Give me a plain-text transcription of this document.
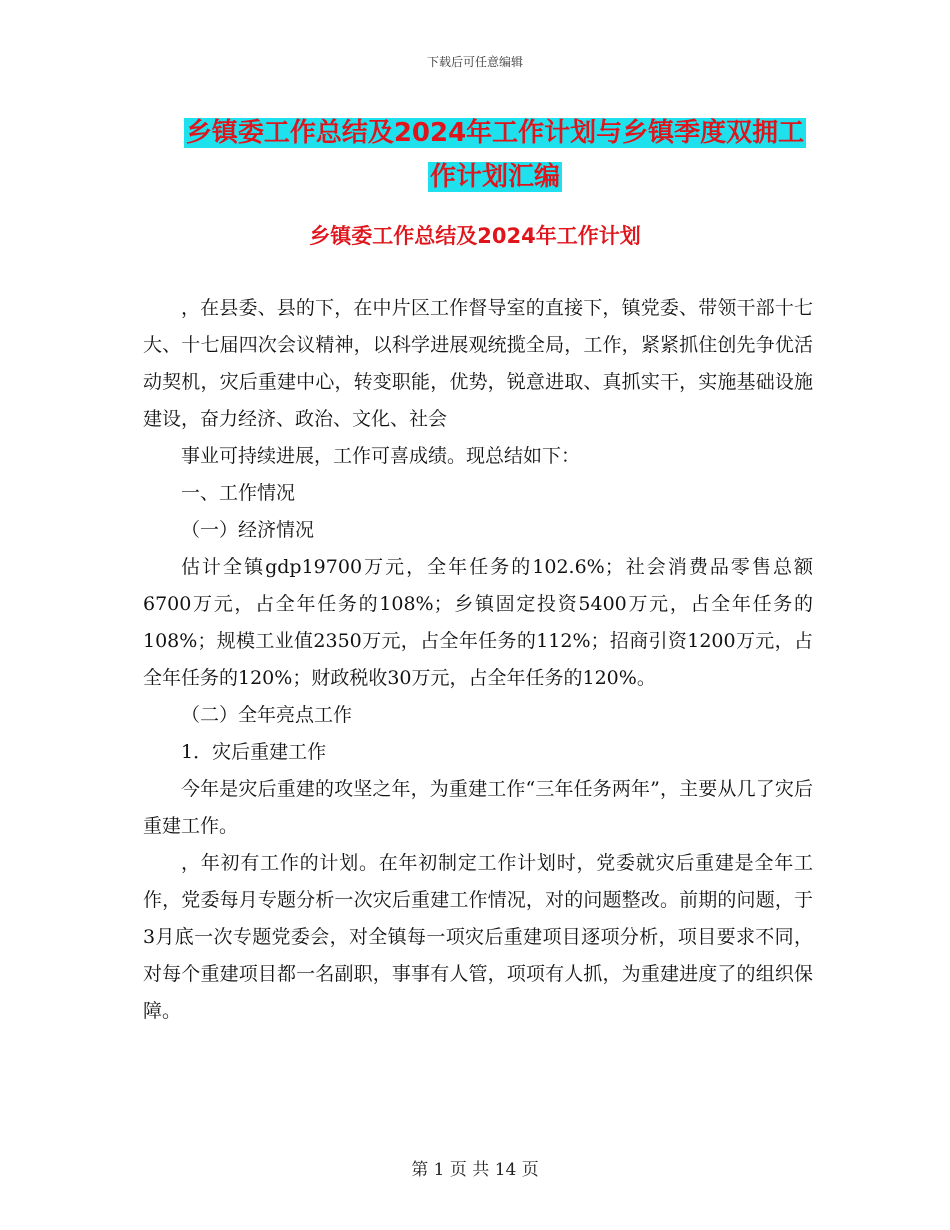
下载后可任意编辑
乡镇委工作总结及2024年工作计划与乡镇季度双拥工
作计划汇编
乡镇委工作总结及2024年工作计划

，在县委、县的下，在中片区工作督导室的直接下，镇党委、带领干部十七大、十七届四次会议精神，以科学进展观统揽全局，工作，紧紧抓住创先争优活动契机，灾后重建中心，转变职能，优势，锐意进取、真抓实干，实施基础设施建设，奋力经济、政治、文化、社会

事业可持续进展，工作可喜成绩。现总结如下：

一、工作情况

（一）经济情况

估计全镇gdp19700万元，全年任务的102.6%；社会消费品零售总额6700万元，占全年任务的108%；乡镇固定投资5400万元，占全年任务的108%；规模工业值2350万元，占全年任务的112%；招商引资1200万元，占全年任务的120%；财政税收30万元，占全年任务的120%。

（二）全年亮点工作

1．灾后重建工作

今年是灾后重建的攻坚之年，为重建工作“三年任务两年”，主要从几了灾后重建工作。

，年初有工作的计划。在年初制定工作计划时，党委就灾后重建是全年工作，党委每月专题分析一次灾后重建工作情况，对的问题整改。前期的问题，于3月底一次专题党委会，对全镇每一项灾后重建项目逐项分析，项目要求不同，对每个重建项目都一名副职，事事有人管，项项有人抓，为重建进度了的组织保障。

第 1 页 共 14 页
